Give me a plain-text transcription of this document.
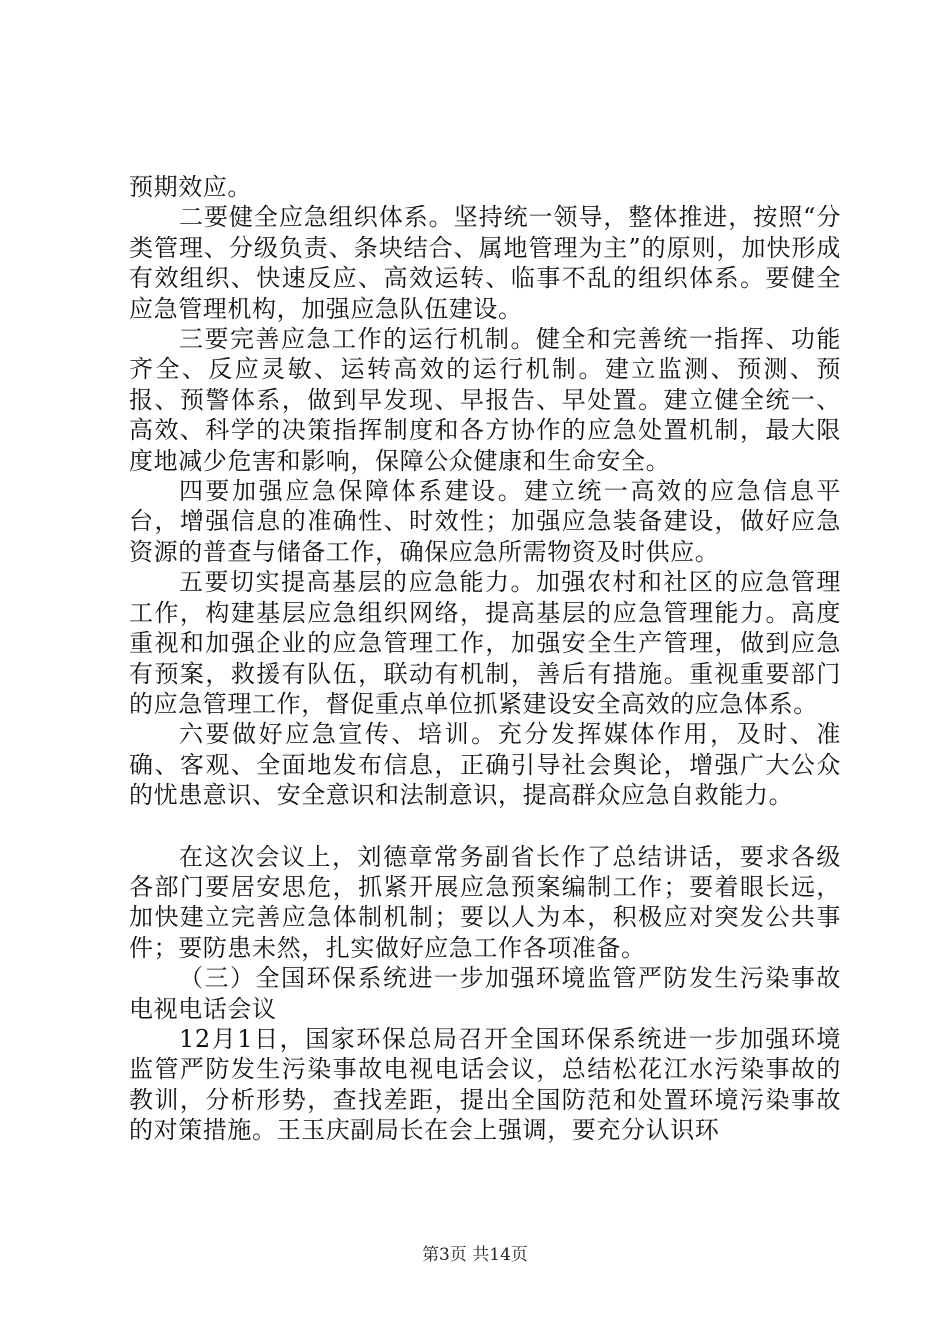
预期效应。

二要健全应急组织体系。坚持统一领导，整体推进，按照“分类管理、分级负责、条块结合、属地管理为主”的原则，加快形成有效组织、快速反应、高效运转、临事不乱的组织体系。要健全应急管理机构，加强应急队伍建设。

三要完善应急工作的运行机制。健全和完善统一指挥、功能齐全、反应灵敏、运转高效的运行机制。建立监测、预测、预报、预警体系，做到早发现、早报告、早处置。建立健全统一、高效、科学的决策指挥制度和各方协作的应急处置机制，最大限度地减少危害和影响，保障公众健康和生命安全。

四要加强应急保障体系建设。建立统一高效的应急信息平台，增强信息的准确性、时效性；加强应急装备建设，做好应急资源的普查与储备工作，确保应急所需物资及时供应。

五要切实提高基层的应急能力。加强农村和社区的应急管理工作，构建基层应急组织网络，提高基层的应急管理能力。高度重视和加强企业的应急管理工作，加强安全生产管理，做到应急有预案，救援有队伍，联动有机制，善后有措施。重视重要部门的应急管理工作，督促重点单位抓紧建设安全高效的应急体系。

六要做好应急宣传、培训。充分发挥媒体作用，及时、准确、客观、全面地发布信息，正确引导社会舆论，增强广大公众的忧患意识、安全意识和法制意识，提高群众应急自救能力。

在这次会议上，刘德章常务副省长作了总结讲话，要求各级各部门要居安思危，抓紧开展应急预案编制工作；要着眼长远，加快建立完善应急体制机制；要以人为本，积极应对突发公共事件；要防患未然，扎实做好应急工作各项准备。

（三）全国环保系统进一步加强环境监管严防发生污染事故电视电话会议

12月1日，国家环保总局召开全国环保系统进一步加强环境监管严防发生污染事故电视电话会议，总结松花江水污染事故的教训，分析形势，查找差距，提出全国防范和处置环境污染事故的对策措施。王玉庆副局长在会上强调，要充分认识环

第3页 共14页
